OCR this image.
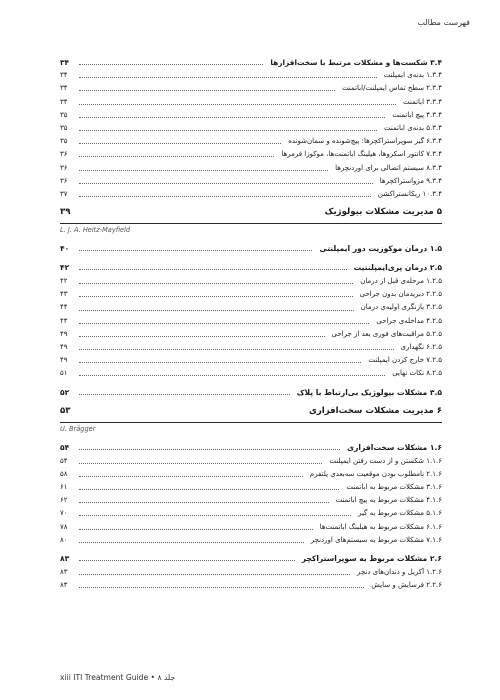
فهرست مطالب
۳.۴ شکست‌ها و مشکلات مرتبط با سخت‌افزارها
۳۴
۱.۳.۴ بدنه‌ی ایمپلنت
۳۴
۲.۳.۴ سطح تماس ایمپلنت/اباتمنت
۳۴
۳.۳.۴ اباتمنت
۳۴
۴.۳.۴ پیچ اباتمنت
۳۵
۵.۳.۴ بدنه‌ی اباتمنت
۳۵
۶.۳.۴ گیر سوپراستراکچرها: پیچ‌شونده و سمان‌شونده
۳۵
۷.۳.۴ کانتور اسکروها، هیلینگ اباتمنت‌ها، موکوزا فرمرها
۳۶
۸.۳.۴ سیستم اتصالی برای اوردنچرها
۳۶
۹.۳.۴ مزواستراکچرها
۳۶
۱۰.۳.۴ ریکانستراکشن
۳۷
۵ مدیریت مشکلات بیولوژیک
۳۹
L. J. A. Heitz-Mayfield
۱.۵ درمان موکوزیت دور ایمپلنتی
۴۰
۲.۵ درمان پری‌ایمپلنتیت
۴۲
۱.۲.۵ مرحله‌ی قبل از درمان
۴۲
۲.۲.۵ دبریدمان بدون جراحی
۴۳
۳.۲.۵ بازنگری اولیه‌ی درمان
۴۴
۴.۲.۵ مداخله‌ی جراحی
۴۴
۵.۲.۵ مراقبت‌های فوری بعد از جراحی
۴۹
۶.۲.۵ نگهداری
۴۹
۷.۲.۵ خارج کردن ایمپلنت
۴۹
۸.۲.۵ نکات نهایی
۵۱
۳.۵ مشکلات بیولوژیک بی‌ارتباط با پلاک
۵۲
۶ مدیریت مشکلات سخت‌افزاری
۵۳
U. Brägger
۱.۶ مشکلات سخت‌افزاری
۵۴
۱.۱.۶ شکستن و از دست رفتن ایمپلنت
۵۴
۲.۱.۶ نامطلوب بودن موقعیت سه‌بعدی پلتفرم
۵۸
۳.۱.۶ مشکلات مربوط به اباتمنت
۶۱
۴.۱.۶ مشکلات مربوط به پیچ اباتمنت
۶۲
۵.۱.۶ مشکلات مربوط به گیر
۷۰
۶.۱.۶ مشکلات مربوط به هیلینگ اباتمنت‌ها
۷۸
۷.۱.۶ مشکلات مربوط به سیستم‌های اوردنچر
۸۰
۲.۶ مشکلات مربوط به سوپراستراکچر
۸۳
۱.۲.۶ آکریل و دندان‌های دنچر
۸۳
۲.۲.۶ فرسایش و سایش
۸۴
xiii ITI Treatment Guide • جلد ۸
